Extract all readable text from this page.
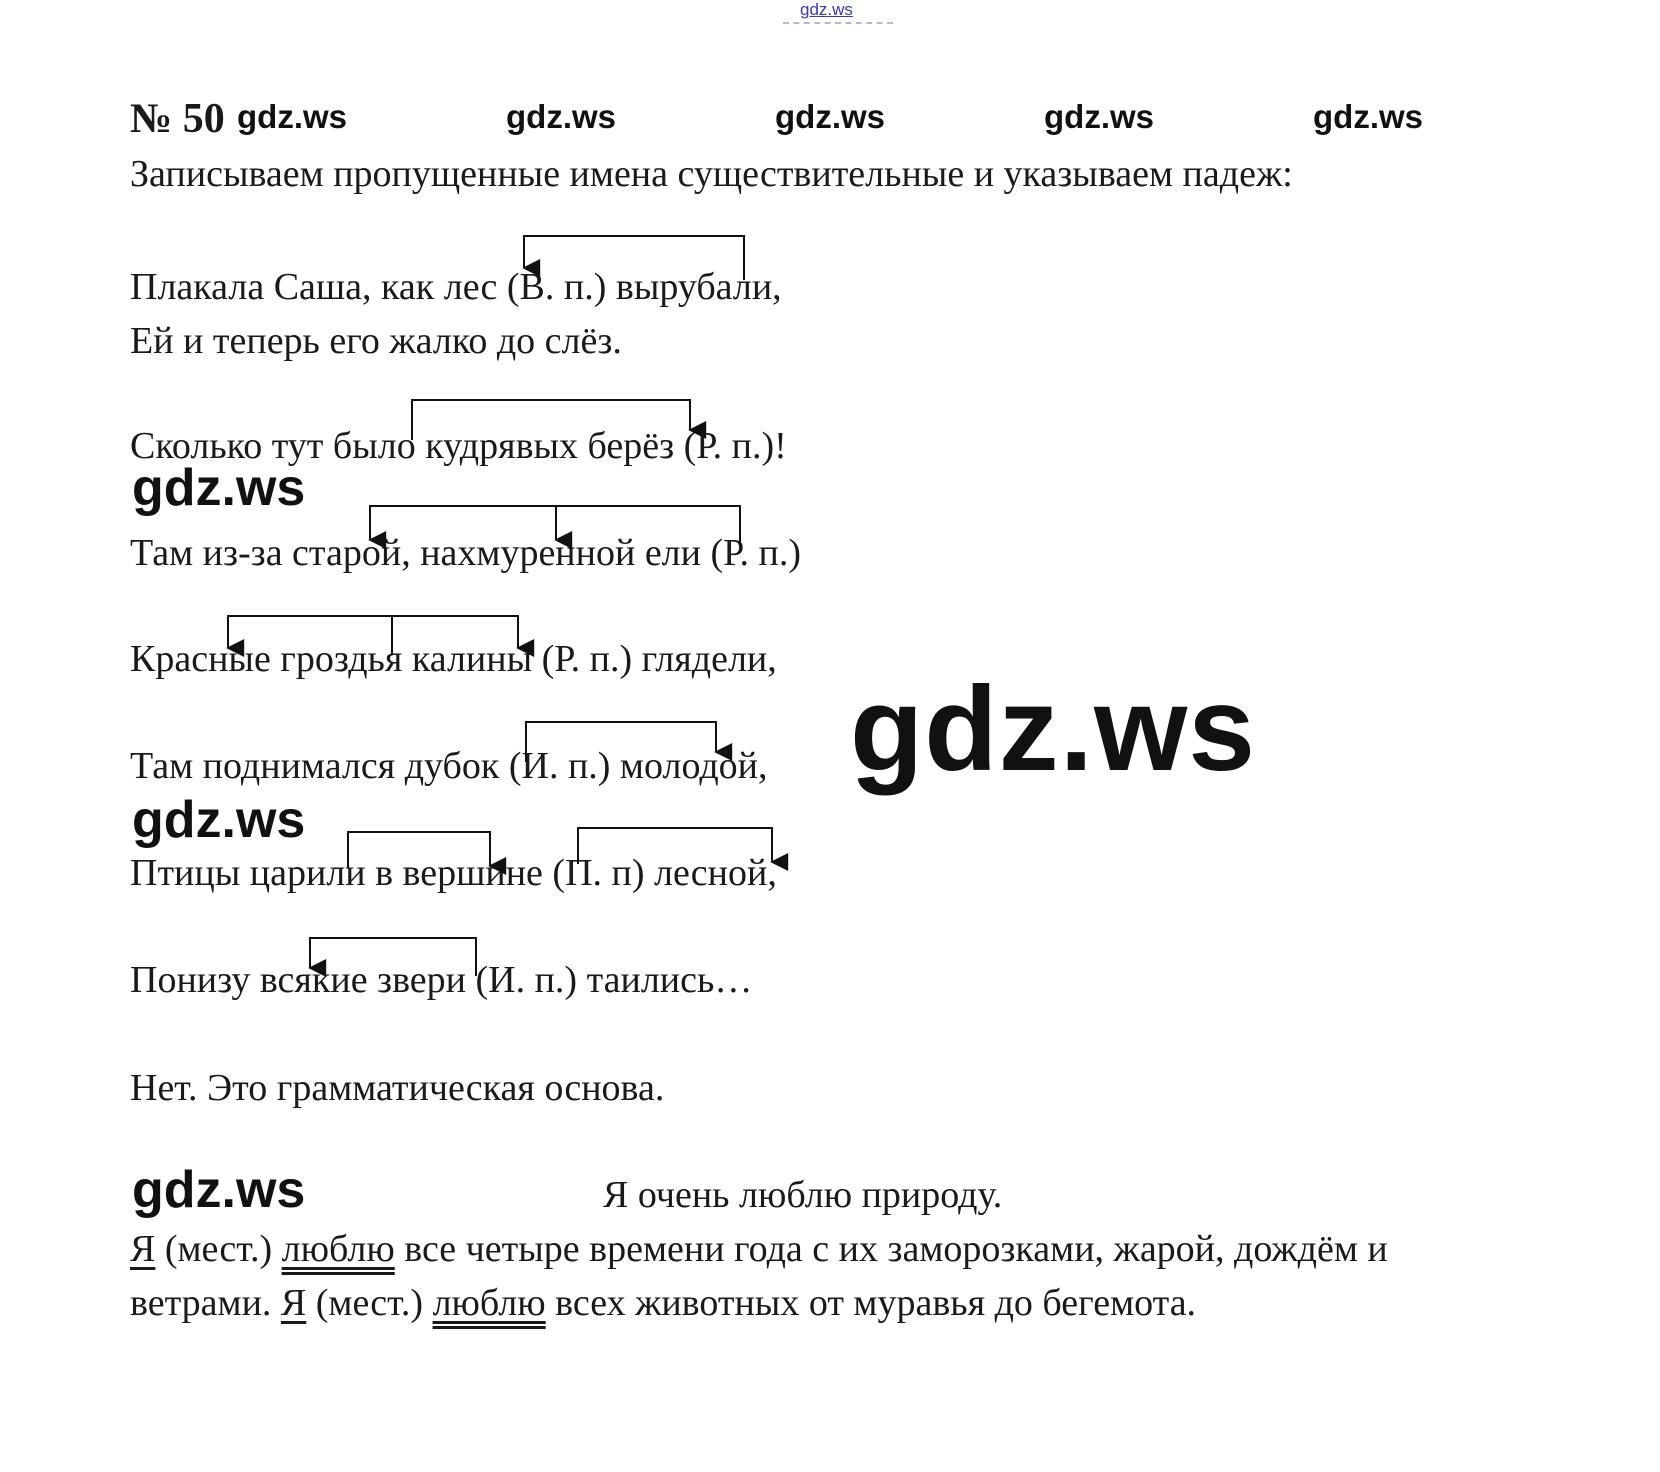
gdz.ws
№ 50 gdz.ws	gdz.ws	gdz.ws	gdz.ws	gdz.ws
Записываем пропущенные имена существительные и указываем падеж:
Плакала Саша, как лес (В. п.) вырубали,
Ей и теперь его жалко до слёз.
Сколько тут было кудрявых берёз (Р. п.)!
Там из-за старой, нахмуренной ели (Р. п.)
Красные гроздья калины (Р. п.) глядели,
Там поднимался дубок (И. п.) молодой,
Птицы царили в вершине (П. п) лесной,
Понизу всякие звери (И. п.) таились…
gdz.ws
gdz.ws
gdz.ws
gdz.ws
Нет. Это грамматическая основа.
Я очень люблю природу.
Я (мест.) люблю все четыре времени года с их заморозками, жарой, дождём и
ветрами. Я (мест.) люблю всех животных от муравья до бегемота.
